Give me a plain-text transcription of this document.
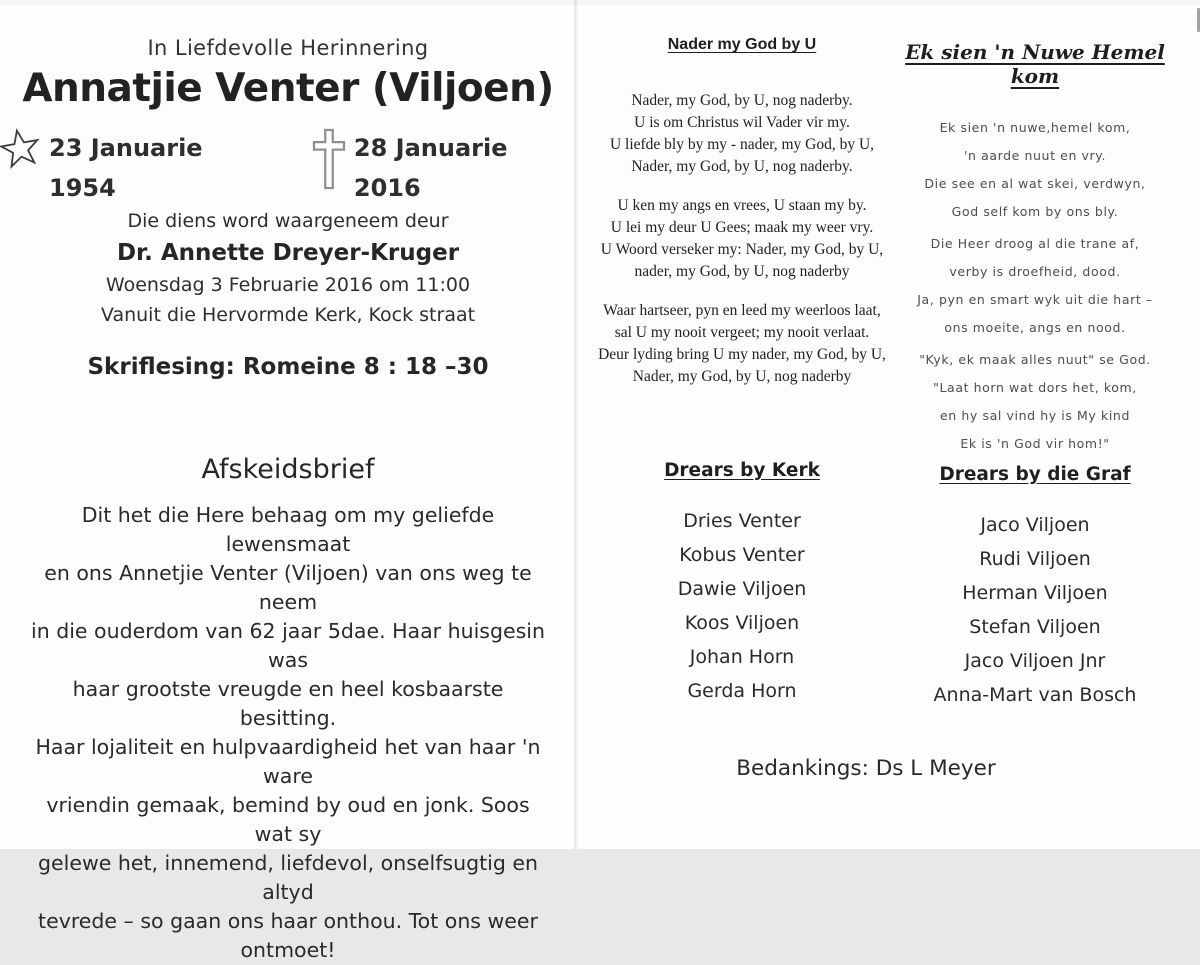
In Liefdevolle Herinnering
Annatjie Venter (Viljoen)
23 Januarie 1954
28 Januarie 2016
Die diens word waargeneem deur
Dr. Annette Dreyer-Kruger
Woensdag 3 Februarie 2016 om 11:00
Vanuit die Hervormde Kerk, Kock straat
Skriflesing: Romeine 8 : 18 –30
Afskeidsbrief
Dit het die Here behaag om my geliefde lewensmaat
en ons Annetjie Venter (Viljoen) van ons weg te neem
in die ouderdom van 62 jaar 5dae. Haar huisgesin was
haar grootste vreugde en heel kosbaarste besitting.
Haar lojaliteit en hulpvaardigheid het van haar 'n ware
vriendin gemaak, bemind by oud en jonk. Soos wat sy
gelewe het, innemend, liefdevol, onselfsugtig en altyd
tevrede – so gaan ons haar onthou. Tot ons weer
ontmoet!
Nader my God by U
Nader, my God, by U, nog naderby.
U is om Christus wil Vader vir my.
U liefde bly by my - nader, my God, by U,
Nader, my God, by U, nog naderby.
U ken my angs en vrees, U staan my by.
U lei my deur U Gees; maak my weer vry.
U Woord verseker my: Nader, my God, by U,
nader, my God, by U, nog naderby
Waar hartseer, pyn en leed my weerloos laat,
sal U my nooit vergeet; my nooit verlaat.
Deur lyding bring U my nader, my God, by U,
Nader, my God, by U, nog naderby
Ek sien 'n Nuwe Hemel kom
Ek sien 'n nuwe,hemel kom,
'n aarde nuut en vry.
Die see en al wat skei, verdwyn,
God self kom by ons bly.
Die Heer droog al die trane af,
verby is droefheid, dood.
Ja, pyn en smart wyk uit die hart –
ons moeite, angs en nood.
"Kyk, ek maak alles nuut" se God.
"Laat horn wat dors het, kom,
en hy sal vind hy is My kind
Ek is 'n God vir hom!"
Drears by Kerk
Dries Venter
Kobus Venter
Dawie Viljoen
Koos Viljoen
Johan Horn
Gerda Horn
Drears by die Graf
Jaco Viljoen
Rudi Viljoen
Herman Viljoen
Stefan Viljoen
Jaco Viljoen Jnr
Anna-Mart van Bosch
Bedankings: Ds L Meyer
